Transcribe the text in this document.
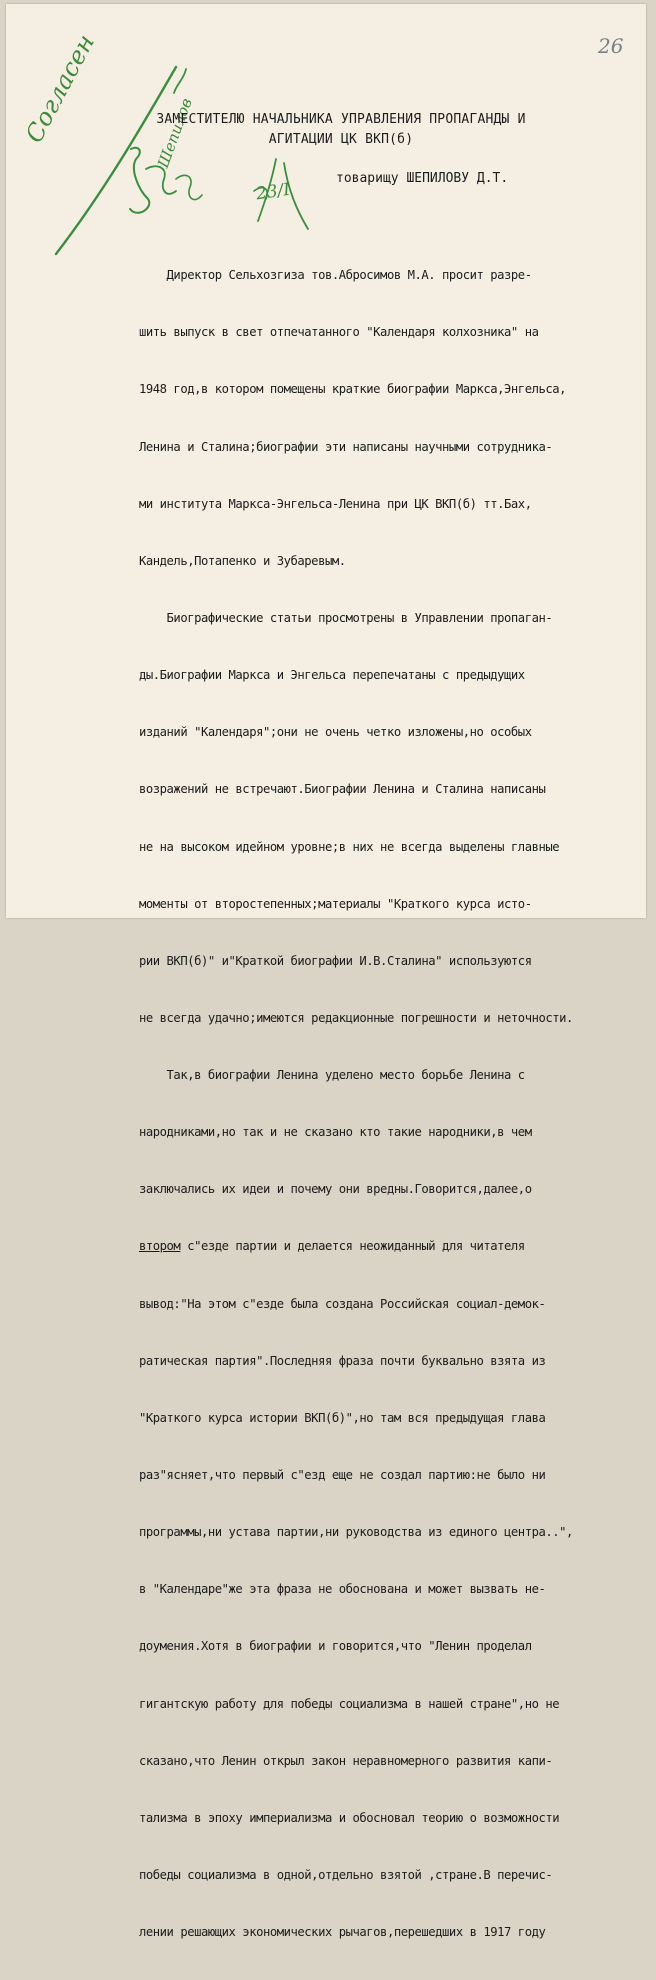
26
Согласен	Шепилов
23/I
ЗАМЕСТИТЕЛЮ НАЧАЛЬНИКА УПРАВЛЕНИЯ ПРОПАГАНДЫ И
АГИТАЦИИ ЦК ВКП(б)
товарищу ШЕПИЛОВУ Д.Т.

Директор Сельхозгиза тов.Абросимов М.А. просит разре-

шить выпуск в свет отпечатанного "Календаря колхозника" на

1948 год,в котором помещены краткие биографии Маркса,Энгельса,

Ленина и Сталина;биографии эти написаны научными сотрудника-

ми института Маркса-Энгельса-Ленина при ЦК ВКП(б) тт.Бах,

Кандель,Потапенко и Зубаревым.

Биографические статьи просмотрены в Управлении пропаган-

ды.Биографии Маркса и Энгельса перепечатаны с предыдущих

изданий "Календаря";они не очень четко изложены,но особых

возражений не встречают.Биографии Ленина и Сталина написаны

не на высоком идейном уровне;в них не всегда выделены главные

моменты от второстепенных;материалы "Краткого курса исто-

рии ВКП(б)" и"Краткой биографии И.В.Сталина" используются

не всегда удачно;имеются редакционные погрешности и неточности.

Так,в биографии Ленина уделено место борьбе Ленина с

народниками,но так и не сказано кто такие народники,в чем

заключались их идеи и почему они вредны.Говорится,далее,о

втором с"езде партии и делается неожиданный для читателя

вывод:"На этом с"езде была создана Российская социал-демок-

ратическая партия".Последняя фраза почти буквально взята из

"Краткого курса истории ВКП(б)",но там вся предыдущая глава

раз"ясняет,что первый с"езд еще не создал партию:не было ни

программы,ни устава партии,ни руководства из единого центра..",

в "Календаре"же эта фраза не обоснована и может вызвать не-

доумения.Хотя в биографии и говорится,что "Ленин проделал

гигантскую работу для победы социализма в нашей стране",но не

сказано,что Ленин открыл закон неравномерного развития капи-

тализма в эпоху империализма и обосновал теорию о возможности

победы социализма в одной,отдельно взятой ,стране.В перечис-

лении решающих экономических рычагов,перешедших в 1917 году
